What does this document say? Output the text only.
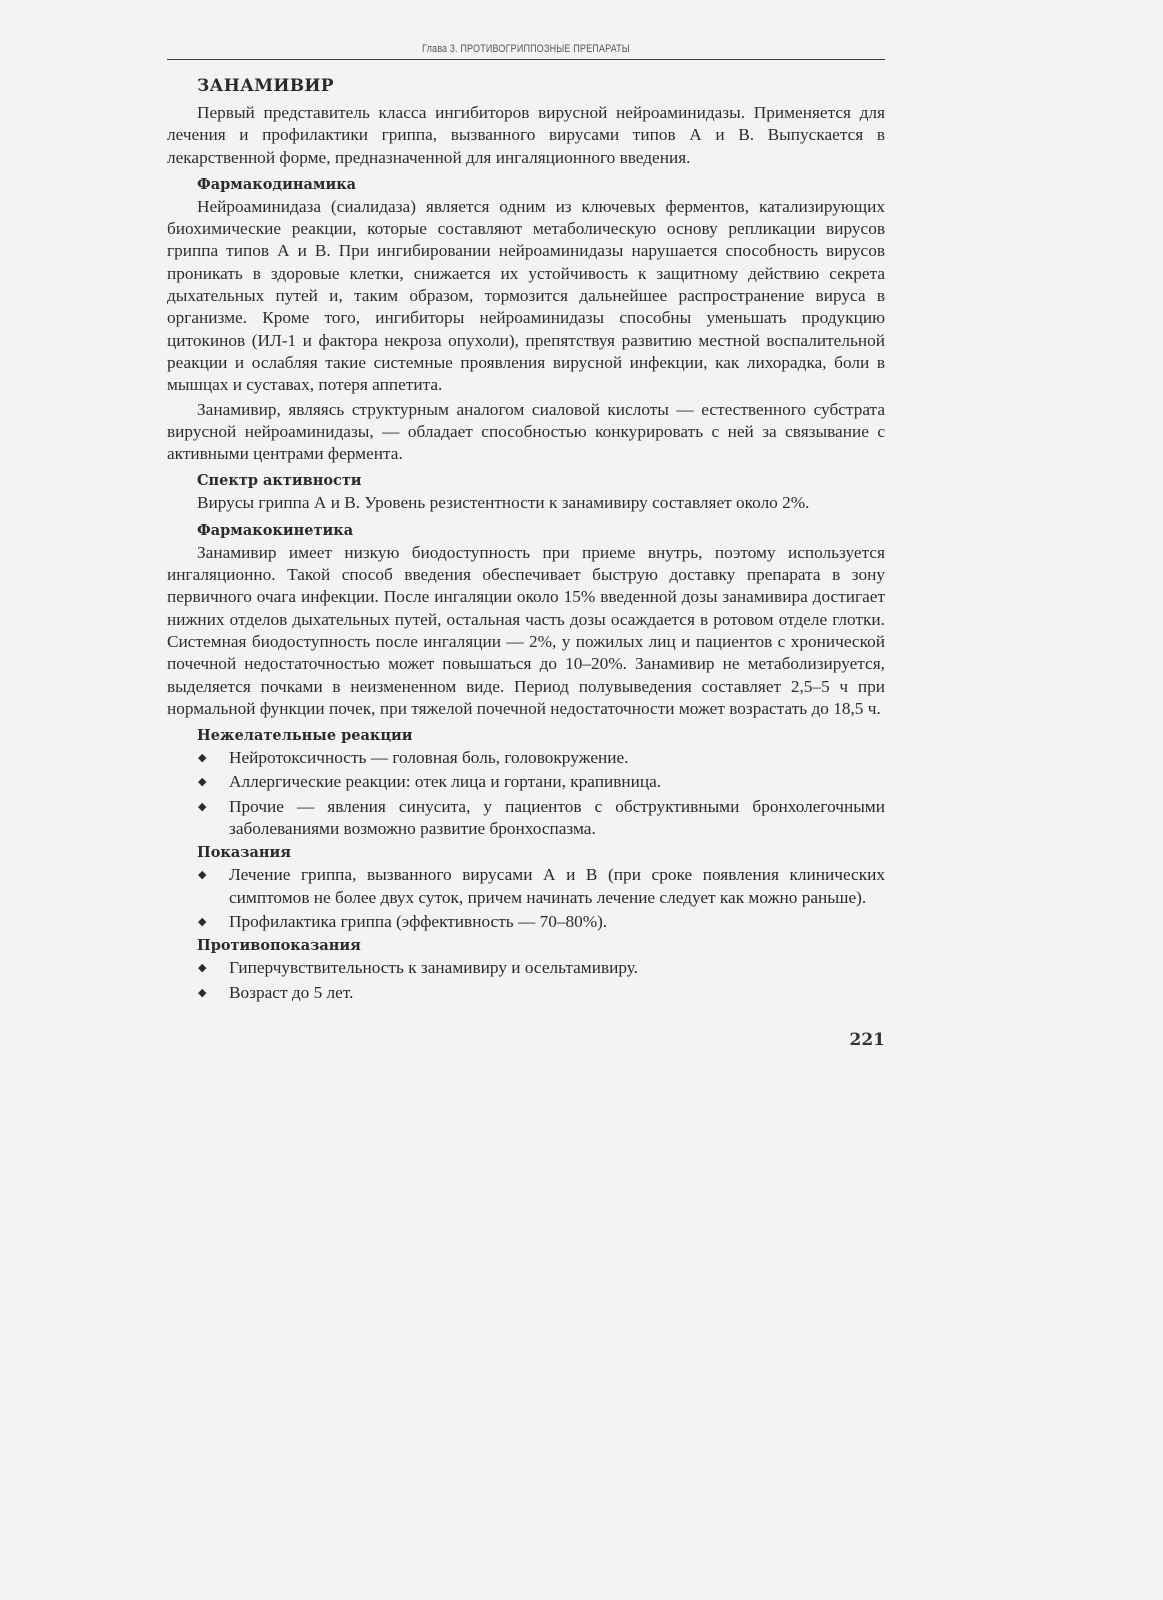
Глава 3. ПРОТИВОГРИППОЗНЫЕ ПРЕПАРАТЫ
ЗАНАМИВИР

Первый представитель класса ингибиторов вирусной нейроаминидазы. Применяется для лечения и профилактики гриппа, вызванного вирусами типов А и В. Выпускается в лекарственной форме, предназначенной для ингаляционного введения.

Фармакодинамика

Нейроаминидаза (сиалидаза) является одним из ключевых ферментов, катализирующих биохимические реакции, которые составляют метаболическую основу репликации вирусов гриппа типов А и В. При ингибировании нейроаминидазы нарушается способность вирусов проникать в здоровые клетки, снижается их устойчивость к защитному действию секрета дыхательных путей и, таким образом, тормозится дальнейшее распространение вируса в организме. Кроме того, ингибиторы нейроаминидазы способны уменьшать продукцию цитокинов (ИЛ-1 и фактора некроза опухоли), препятствуя развитию местной воспалительной реакции и ослабляя такие системные проявления вирусной инфекции, как лихорадка, боли в мышцах и суставах, потеря аппетита.

Занамивир, являясь структурным аналогом сиаловой кислоты — естественного субстрата вирусной нейроаминидазы, — обладает способностью конкурировать с ней за связывание с активными центрами фермента.

Спектр активности

Вирусы гриппа А и В. Уровень резистентности к занамивиру составляет около 2%.

Фармакокинетика

Занамивир имеет низкую биодоступность при приеме внутрь, поэтому используется ингаляционно. Такой способ введения обеспечивает быструю доставку препарата в зону первичного очага инфекции. После ингаляции около 15% введенной дозы занамивира достигает нижних отделов дыхательных путей, остальная часть дозы осаждается в ротовом отделе глотки. Системная биодоступность после ингаляции — 2%, у пожилых лиц и пациентов с хронической почечной недостаточностью может повышаться до 10–20%. Занамивир не метаболизируется, выделяется почками в неизмененном виде. Период полувыведения составляет 2,5–5 ч при нормальной функции почек, при тяжелой почечной недостаточности может возрастать до 18,5 ч.

Нежелательные реакции
◆ Нейротоксичность — головная боль, головокружение.
◆ Аллергические реакции: отек лица и гортани, крапивница.
◆ Прочие — явления синусита, у пациентов с обструктивными бронхолегочными заболеваниями возможно развитие бронхоспазма.
Показания
◆ Лечение гриппа, вызванного вирусами А и В (при сроке появления клинических симптомов не более двух суток, причем начинать лечение следует как можно раньше).
◆ Профилактика гриппа (эффективность — 70–80%).
Противопоказания
◆ Гиперчувствительность к занамивиру и осельтамивиру.
◆ Возраст до 5 лет.
221
